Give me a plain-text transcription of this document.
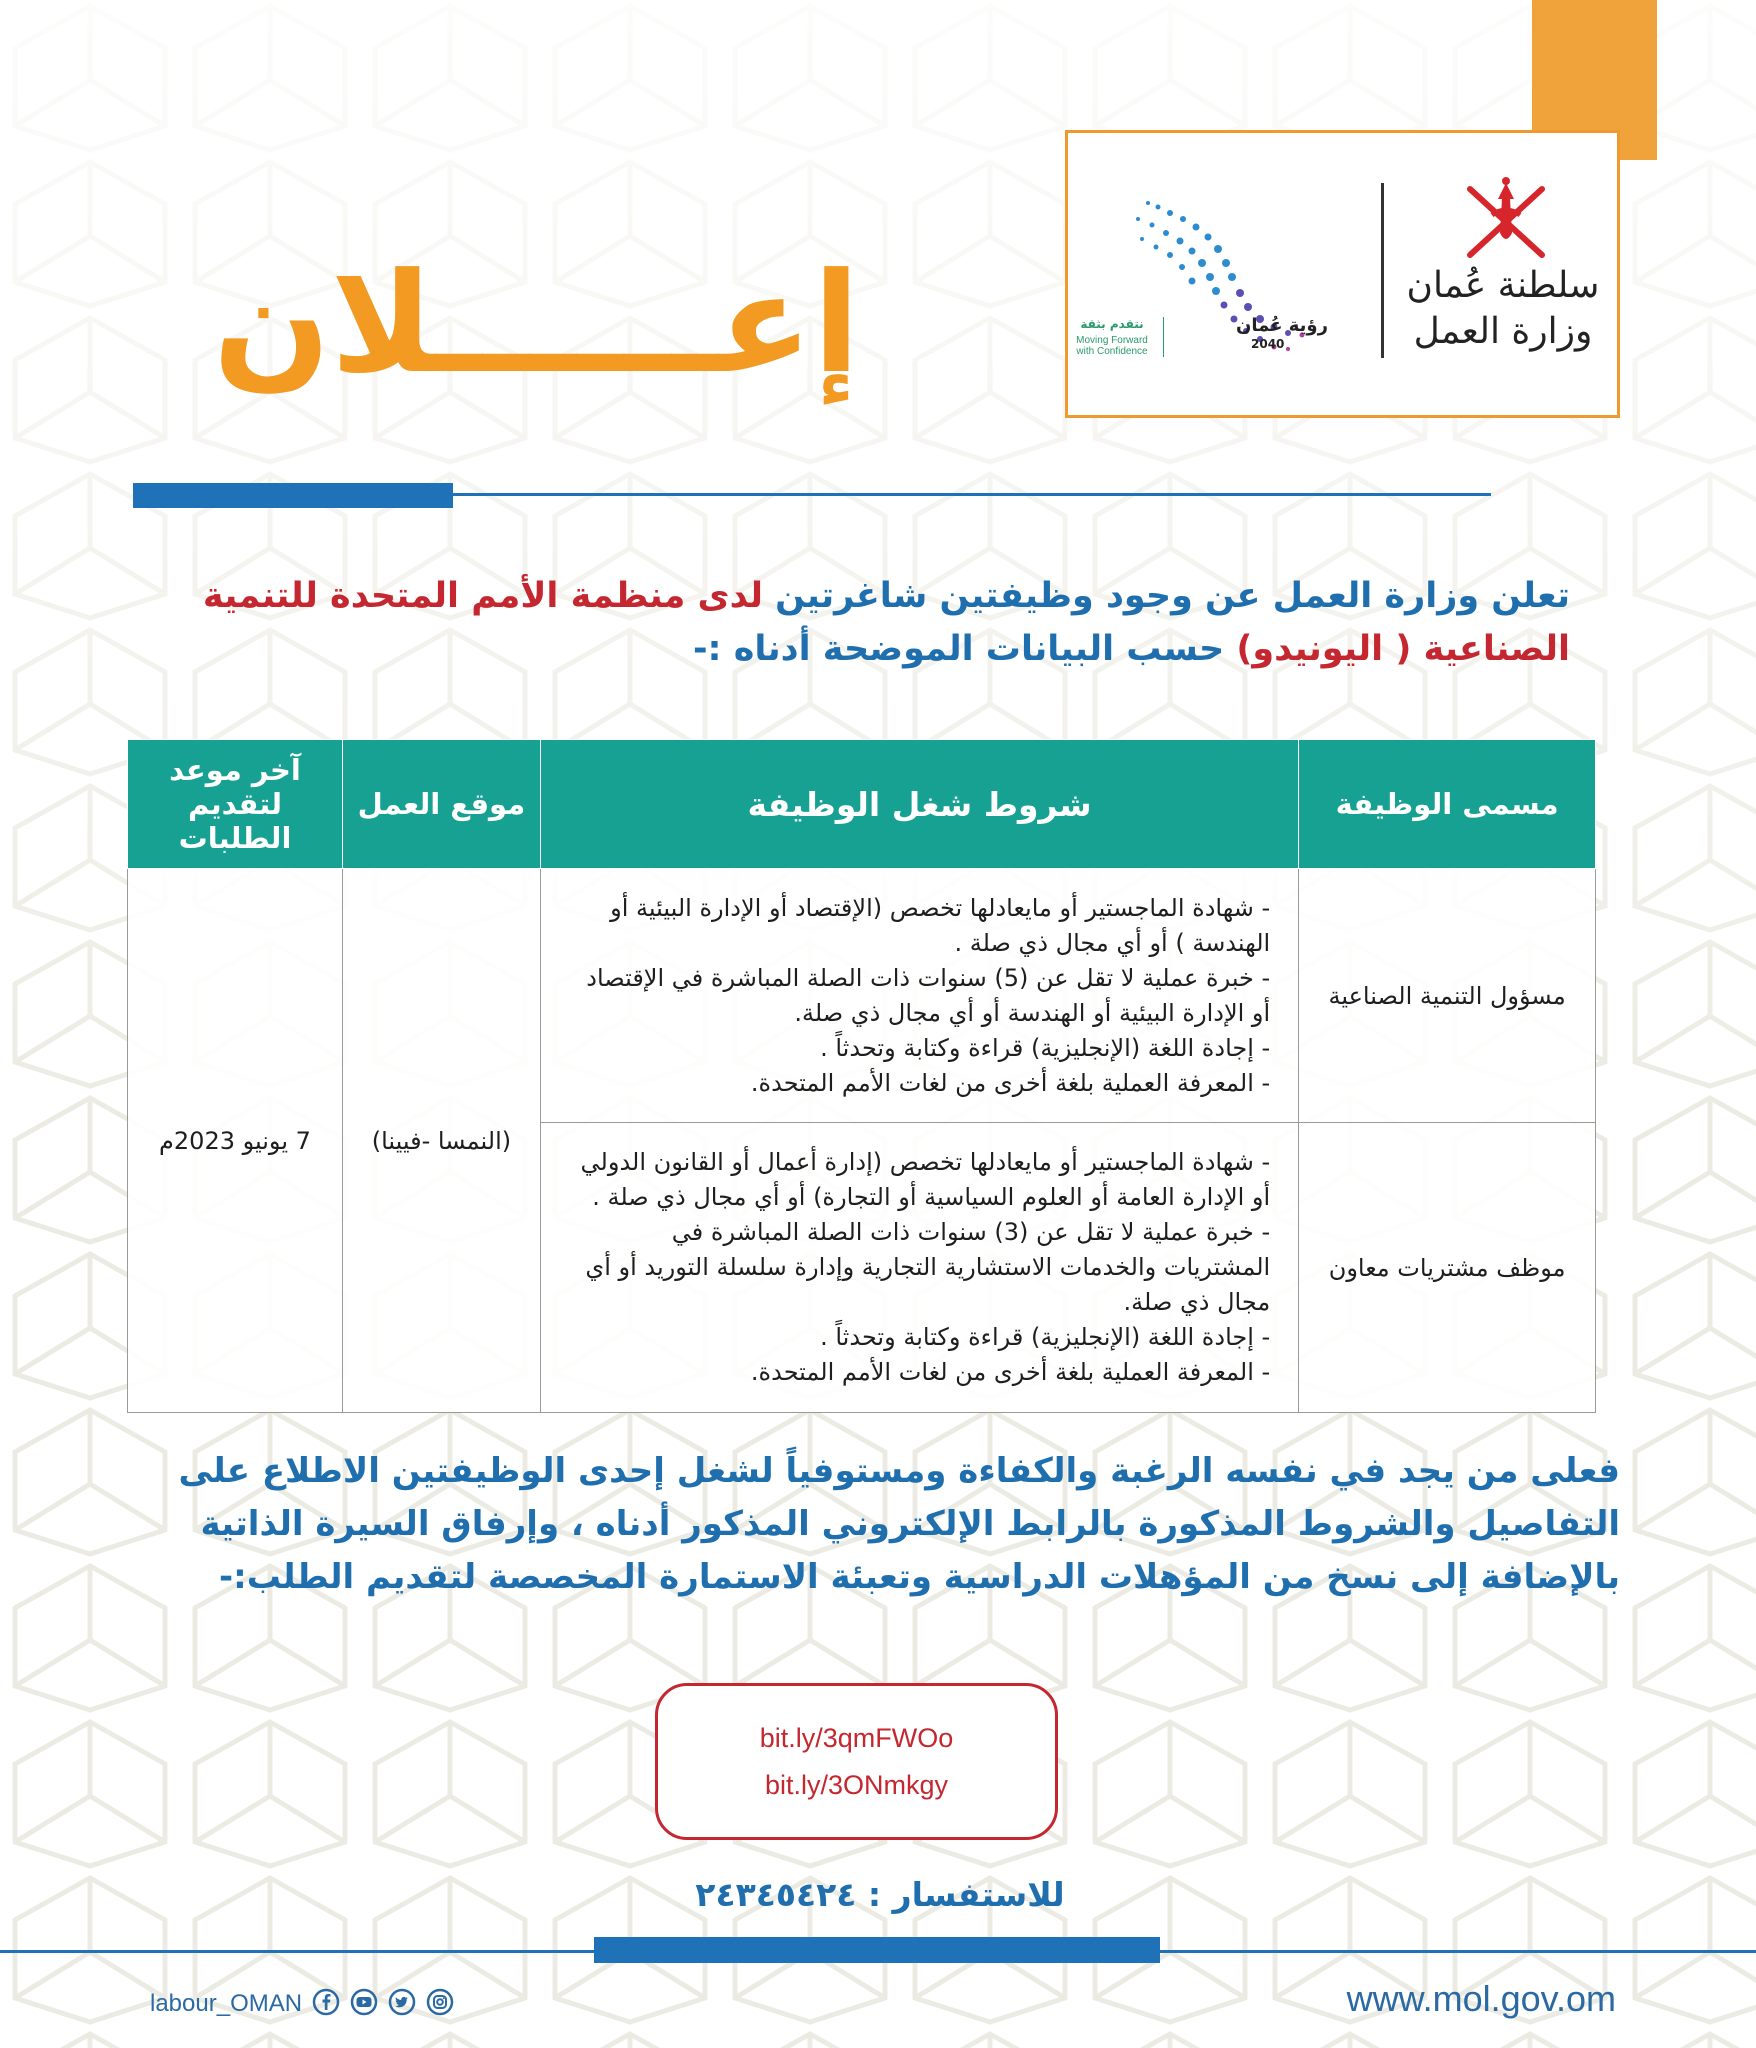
رؤية عُمان
2040
نتقدم بثقة
Moving Forward
with Confidence
سلطنة عُمان
وزارة العمل
إعــــــلان
تعلن وزارة العمل عن وجود وظيفتين شاغرتين لدى منظمة الأمم المتحدة للتنمية الصناعية ( اليونيدو) حسب البيانات الموضحة أدناه :-
مسمى الوظيفة	شروط شغل الوظيفة	موقع العمل	آخر موعد لتقديم الطلبات
مسؤول التنمية الصناعية	- شهادة الماجستير أو مايعادلها تخصص (الإقتصاد أو الإدارة البيئية أو الهندسة ) أو أي مجال ذي صلة .
- خبرة عملية لا تقل عن (5) سنوات ذات الصلة المباشرة في الإقتصاد أو الإدارة البيئية أو الهندسة أو أي مجال ذي صلة.
- إجادة اللغة (الإنجليزية) قراءة وكتابة وتحدثاً .
- المعرفة العملية بلغة أخرى من لغات الأمم المتحدة.	(النمسا -فيينا)	7 يونيو 2023م
موظف مشتريات معاون	- شهادة الماجستير أو مايعادلها تخصص (إدارة أعمال أو القانون الدولي أو الإدارة العامة أو العلوم السياسية أو التجارة) أو أي مجال ذي صلة .
- خبرة عملية لا تقل عن (3) سنوات ذات الصلة المباشرة في المشتريات والخدمات الاستشارية التجارية وإدارة سلسلة التوريد أو أي مجال ذي صلة.
- إجادة اللغة (الإنجليزية) قراءة وكتابة وتحدثاً .
- المعرفة العملية بلغة أخرى من لغات الأمم المتحدة.		
فعلى من يجد في نفسه الرغبة والكفاءة ومستوفياً لشغل إحدى الوظيفتين الاطلاع على التفاصيل والشروط المذكورة بالرابط الإلكتروني المذكور أدناه ، وإرفاق السيرة الذاتية بالإضافة إلى نسخ من المؤهلات الدراسية وتعبئة الاستمارة المخصصة لتقديم الطلب:-
bit.ly/3qmFWOo
bit.ly/3ONmkgy
للاستفسار : ٢٤٣٤٥٤٢٤
labour_OMAN	www.mol.gov.om
